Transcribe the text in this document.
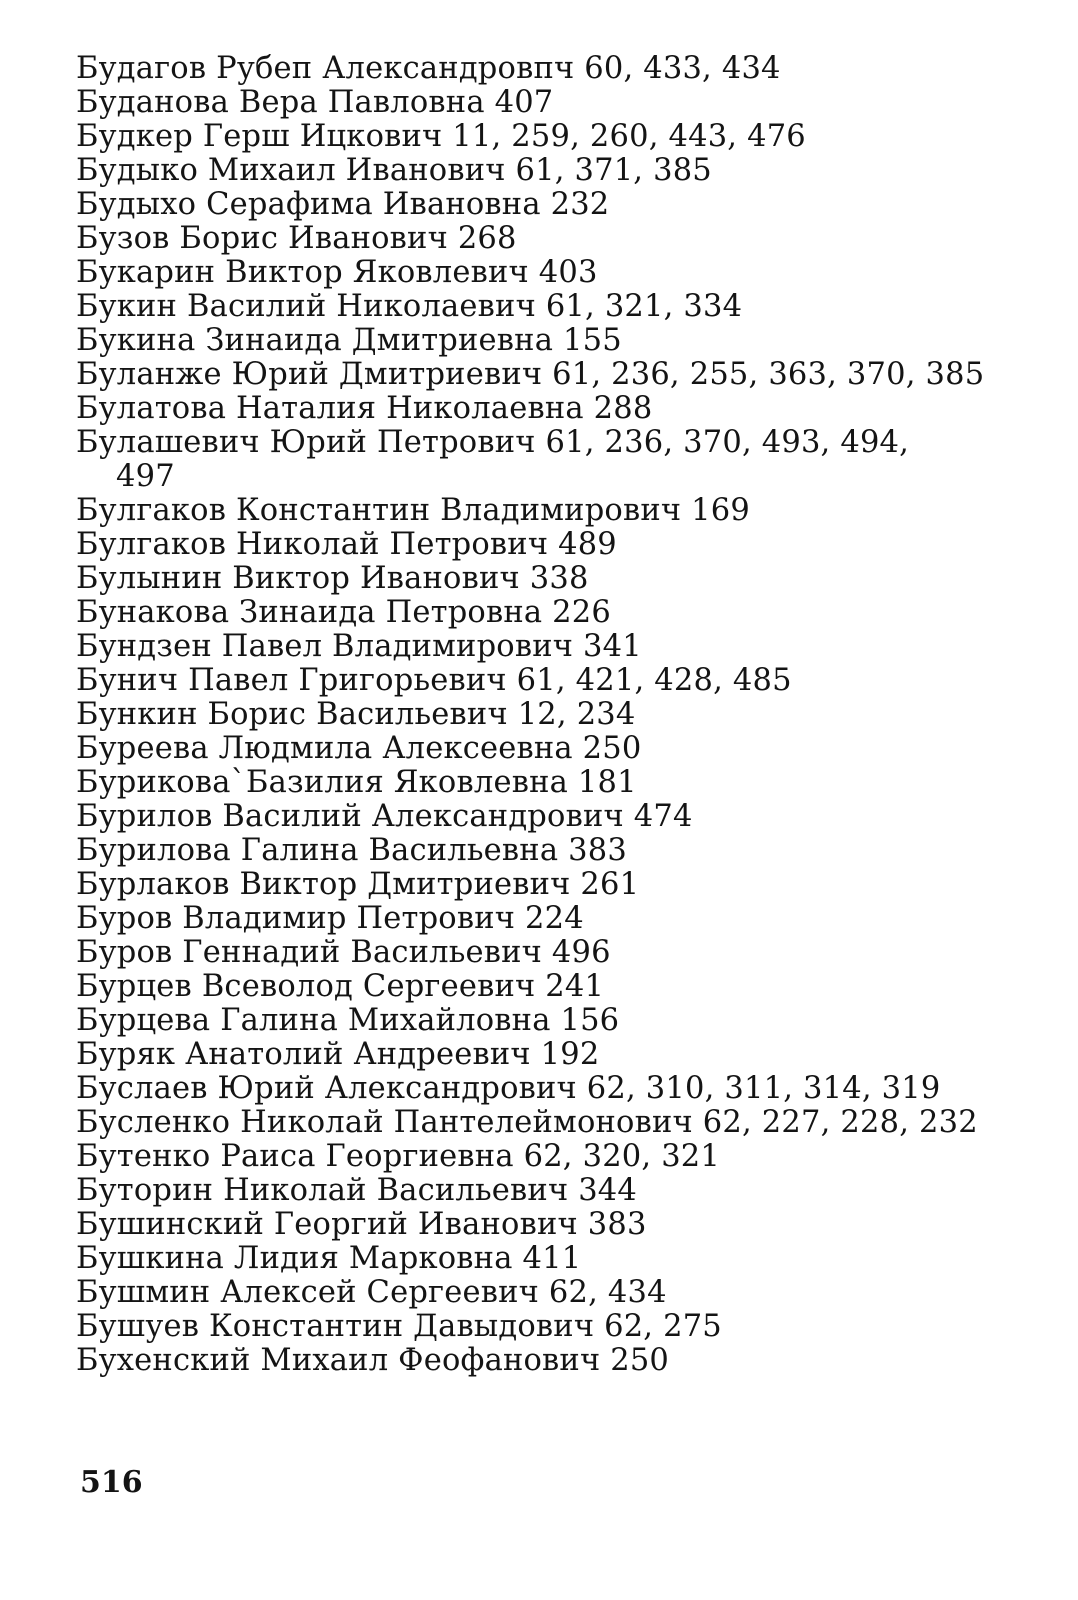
Будагов Рубеп Александровпч 60, 433, 434
Буданова Вера Павловна 407
Будкер Герш Ицкович 11, 259, 260, 443, 476
Будыко Михаил Иванович 61, 371, 385
Будыхо Серафима Ивановна 232
Бузов Борис Иванович 268
Букарин Виктор Яковлевич 403
Букин Василий Николаевич 61, 321, 334
Букина Зинаида Дмитриевна 155
Буланже Юрий Дмитриевич 61, 236, 255, 363, 370, 385
Булатова Наталия Николаевна 288
Булашевич Юрий Петрович 61, 236, 370, 493, 494,
497
Булгаков Константин Владимирович 169
Булгаков Николай Петрович 489
Булынин Виктор Иванович 338
Бунакова Зинаида Петровна 226
Бундзен Павел Владимирович 341
Бунич Павел Григорьевич 61, 421, 428, 485
Бункин Борис Васильевич 12, 234
Буреева Людмила Алексеевна 250
Бурикова`Базилия Яковлевна 181
Бурилов Василий Александрович 474
Бурилова Галина Васильевна 383
Бурлаков Виктор Дмитриевич 261
Буров Владимир Петрович 224
Буров Геннадий Васильевич 496
Бурцев Всеволод Сергеевич 241
Бурцева Галина Михайловна 156
Буряк Анатолий Андреевич 192
Буслаев Юрий Александрович 62, 310, 311, 314, 319
Бусленко Николай Пантелеймонович 62, 227, 228, 232
Бутенко Раиса Георгиевна 62, 320, 321
Буторин Николай Васильевич 344
Бушинский Георгий Иванович 383
Бушкина Лидия Марковна 411
Бушмин Алексей Сергеевич 62, 434
Бушуев Константин Давыдович 62, 275
Бухенский Михаил Феофанович 250
516
